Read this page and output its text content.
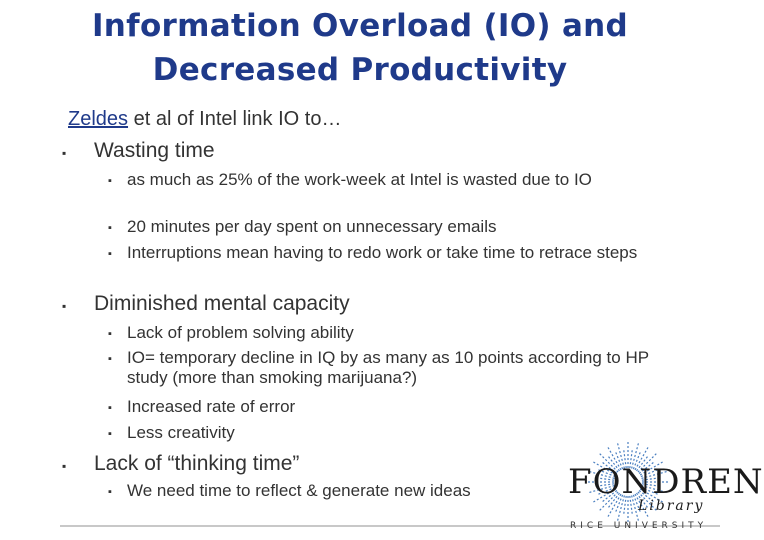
Information Overload (IO) and
Decreased Productivity
Zeldes et al of Intel link IO to…
▪ Wasting time
▪ as much as 25% of the work-week at Intel is wasted due to IO
▪ 20 minutes per day spent on unnecessary emails
▪ Interruptions mean having to redo work or take time to retrace steps
▪ Diminished mental capacity
▪ Lack of problem solving ability
▪ IO= temporary decline in IQ by as many as 10 points according to HP study (more than smoking marijuana?)
▪ Increased rate of error
▪ Less creativity
▪ Lack of “thinking time”
▪ We need time to reflect & generate new ideas	FONDREN
Library
RICE UNIVERSITY
